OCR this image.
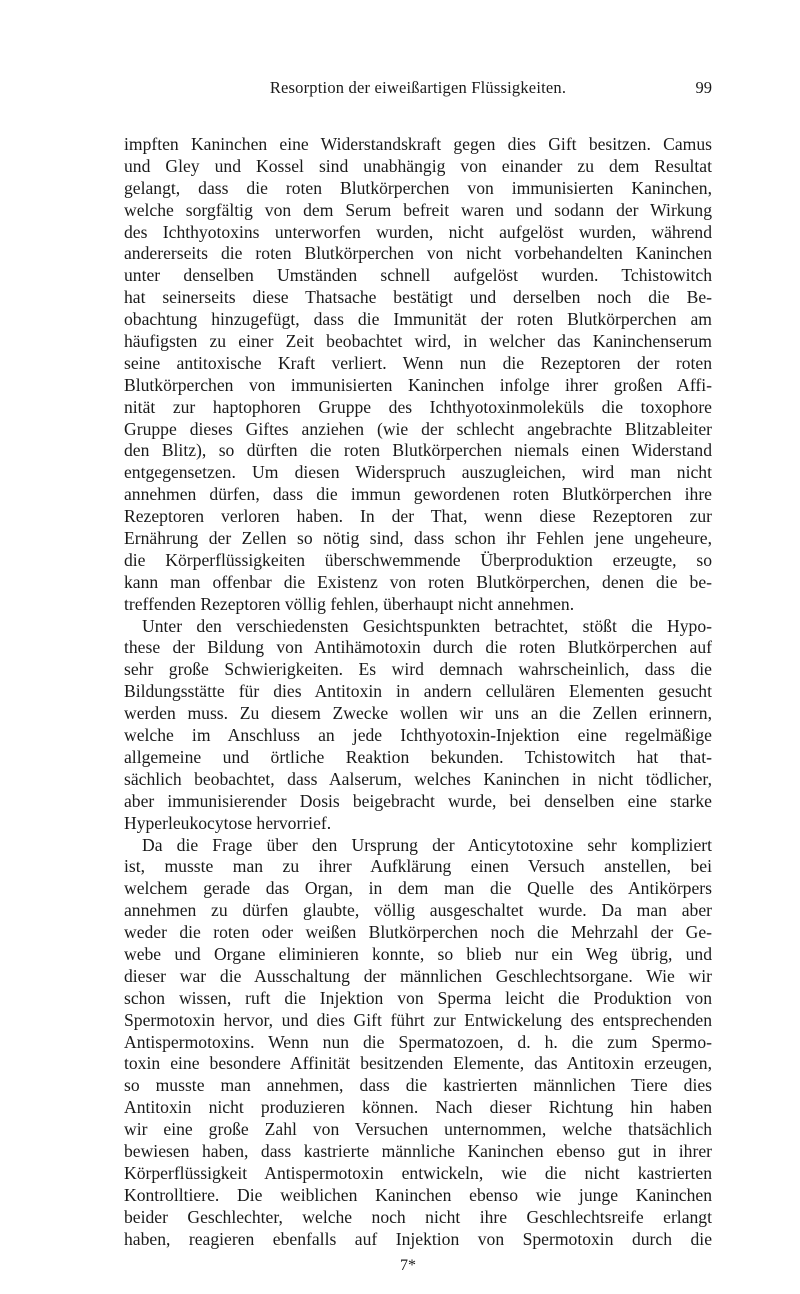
Resorption der eiweißartigen Flüssigkeiten.	99
impften Kaninchen eine Widerstandskraft gegen dies Gift besitzen. Camus
und Gley und Kossel sind unabhängig von einander zu dem Resultat
gelangt, dass die roten Blutkörperchen von immunisierten Kaninchen,
welche sorgfältig von dem Serum befreit waren und sodann der Wirkung
des Ichthyotoxins unterworfen wurden, nicht aufgelöst wurden, während
andererseits die roten Blutkörperchen von nicht vorbehandelten Kaninchen
unter denselben Umständen schnell aufgelöst wurden. Tchistowitch
hat seinerseits diese Thatsache bestätigt und derselben noch die Be-
obachtung hinzugefügt, dass die Immunität der roten Blutkörperchen am
häufigsten zu einer Zeit beobachtet wird, in welcher das Kaninchenserum
seine antitoxische Kraft verliert. Wenn nun die Rezeptoren der roten
Blutkörperchen von immunisierten Kaninchen infolge ihrer großen Affi-
nität zur haptophoren Gruppe des Ichthyotoxinmoleküls die toxophore
Gruppe dieses Giftes anziehen (wie der schlecht angebrachte Blitzableiter
den Blitz), so dürften die roten Blutkörperchen niemals einen Widerstand
entgegensetzen. Um diesen Widerspruch auszugleichen, wird man nicht
annehmen dürfen, dass die immun gewordenen roten Blutkörperchen ihre
Rezeptoren verloren haben. In der That, wenn diese Rezeptoren zur
Ernährung der Zellen so nötig sind, dass schon ihr Fehlen jene ungeheure,
die Körperflüssigkeiten überschwemmende Überproduktion erzeugte, so
kann man offenbar die Existenz von roten Blutkörperchen, denen die be-
treffenden Rezeptoren völlig fehlen, überhaupt nicht annehmen.
Unter den verschiedensten Gesichtspunkten betrachtet, stößt die Hypo-
these der Bildung von Antihämotoxin durch die roten Blutkörperchen auf
sehr große Schwierigkeiten. Es wird demnach wahrscheinlich, dass die
Bildungsstätte für dies Antitoxin in andern cellulären Elementen gesucht
werden muss. Zu diesem Zwecke wollen wir uns an die Zellen erinnern,
welche im Anschluss an jede Ichthyotoxin-Injektion eine regelmäßige
allgemeine und örtliche Reaktion bekunden. Tchistowitch hat that-
sächlich beobachtet, dass Aalserum, welches Kaninchen in nicht tödlicher,
aber immunisierender Dosis beigebracht wurde, bei denselben eine starke
Hyperleukocytose hervorrief.
Da die Frage über den Ursprung der Anticytotoxine sehr kompliziert
ist, musste man zu ihrer Aufklärung einen Versuch anstellen, bei
welchem gerade das Organ, in dem man die Quelle des Antikörpers
annehmen zu dürfen glaubte, völlig ausgeschaltet wurde. Da man aber
weder die roten oder weißen Blutkörperchen noch die Mehrzahl der Ge-
webe und Organe eliminieren konnte, so blieb nur ein Weg übrig, und
dieser war die Ausschaltung der männlichen Geschlechtsorgane. Wie wir
schon wissen, ruft die Injektion von Sperma leicht die Produktion von
Spermotoxin hervor, und dies Gift führt zur Entwickelung des entsprechenden
Antispermotoxins. Wenn nun die Spermatozoen, d. h. die zum Spermo-
toxin eine besondere Affinität besitzenden Elemente, das Antitoxin erzeugen,
so musste man annehmen, dass die kastrierten männlichen Tiere dies
Antitoxin nicht produzieren können. Nach dieser Richtung hin haben
wir eine große Zahl von Versuchen unternommen, welche thatsächlich
bewiesen haben, dass kastrierte männliche Kaninchen ebenso gut in ihrer
Körperflüssigkeit Antispermotoxin entwickeln, wie die nicht kastrierten
Kontrolltiere. Die weiblichen Kaninchen ebenso wie junge Kaninchen
beider Geschlechter, welche noch nicht ihre Geschlechtsreife erlangt
haben, reagieren ebenfalls auf Injektion von Spermotoxin durch die
7*
